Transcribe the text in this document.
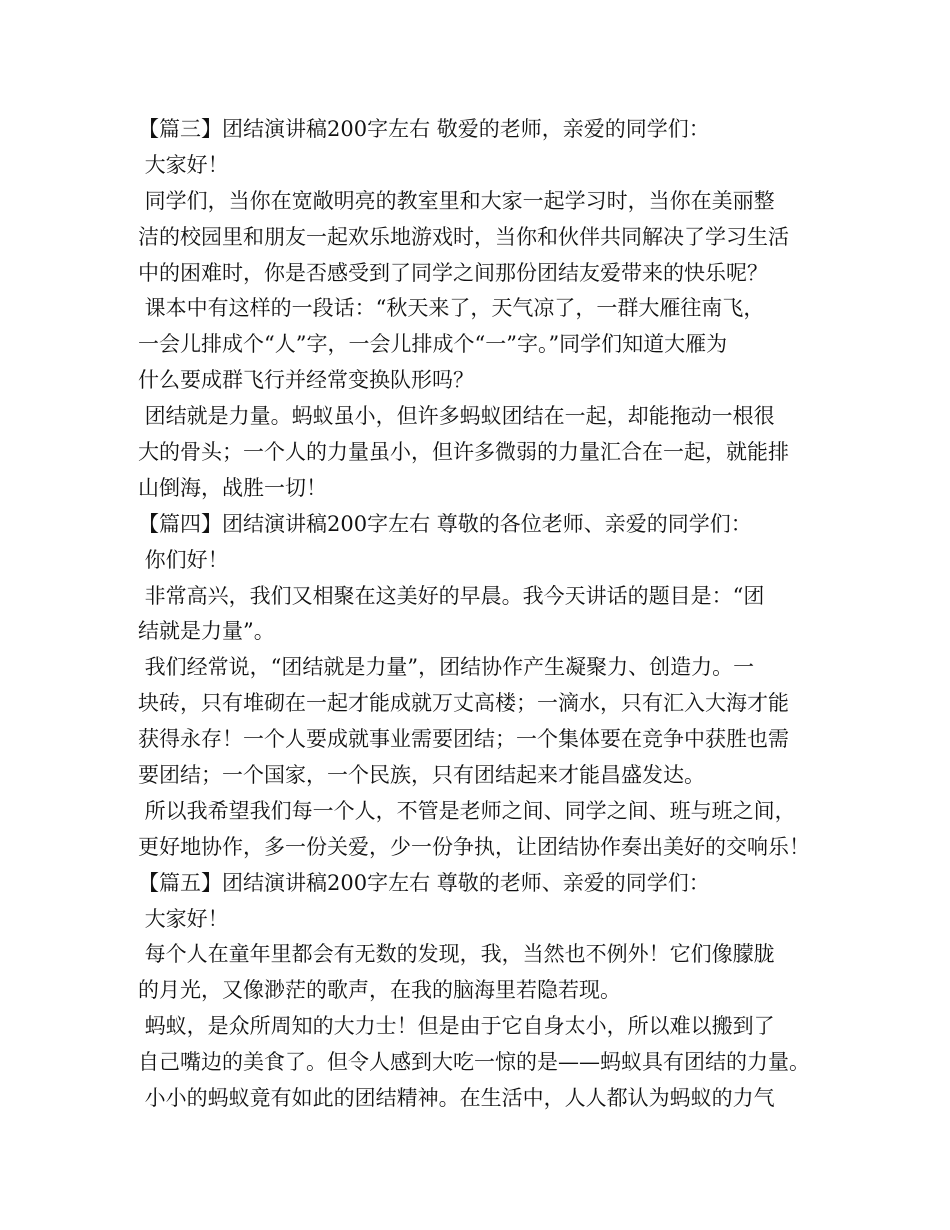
【篇三】团结演讲稿200字左右 敬爱的老师，亲爱的同学们：
大家好！
同学们，当你在宽敞明亮的教室里和大家一起学习时，当你在美丽整
洁的校园里和朋友一起欢乐地游戏时，当你和伙伴共同解决了学习生活
中的困难时，你是否感受到了同学之间那份团结友爱带来的快乐呢？
课本中有这样的一段话：“秋天来了，天气凉了，一群大雁往南飞，
一会儿排成个“人”字，一会儿排成个“一”字。”同学们知道大雁为
什么要成群飞行并经常变换队形吗？
团结就是力量。蚂蚁虽小，但许多蚂蚁团结在一起，却能拖动一根很
大的骨头；一个人的力量虽小，但许多微弱的力量汇合在一起，就能排
山倒海，战胜一切！
【篇四】团结演讲稿200字左右 尊敬的各位老师、亲爱的同学们：
你们好！
非常高兴，我们又相聚在这美好的早晨。我今天讲话的题目是：“团
结就是力量”。
我们经常说，“团结就是力量”，团结协作产生凝聚力、创造力。一
块砖，只有堆砌在一起才能成就万丈高楼；一滴水，只有汇入大海才能
获得永存！一个人要成就事业需要团结；一个集体要在竞争中获胜也需
要团结；一个国家，一个民族，只有团结起来才能昌盛发达。
所以我希望我们每一个人，不管是老师之间、同学之间、班与班之间，
更好地协作，多一份关爱，少一份争执，让团结协作奏出美好的交响乐！
【篇五】团结演讲稿200字左右 尊敬的老师、亲爱的同学们：
大家好！
每个人在童年里都会有无数的发现，我，当然也不例外！它们像朦胧
的月光，又像渺茫的歌声，在我的脑海里若隐若现。
蚂蚁，是众所周知的大力士！但是由于它自身太小，所以难以搬到了
自己嘴边的美食了。但令人感到大吃一惊的是——蚂蚁具有团结的力量。
小小的蚂蚁竟有如此的团结精神。在生活中，人人都认为蚂蚁的力气
